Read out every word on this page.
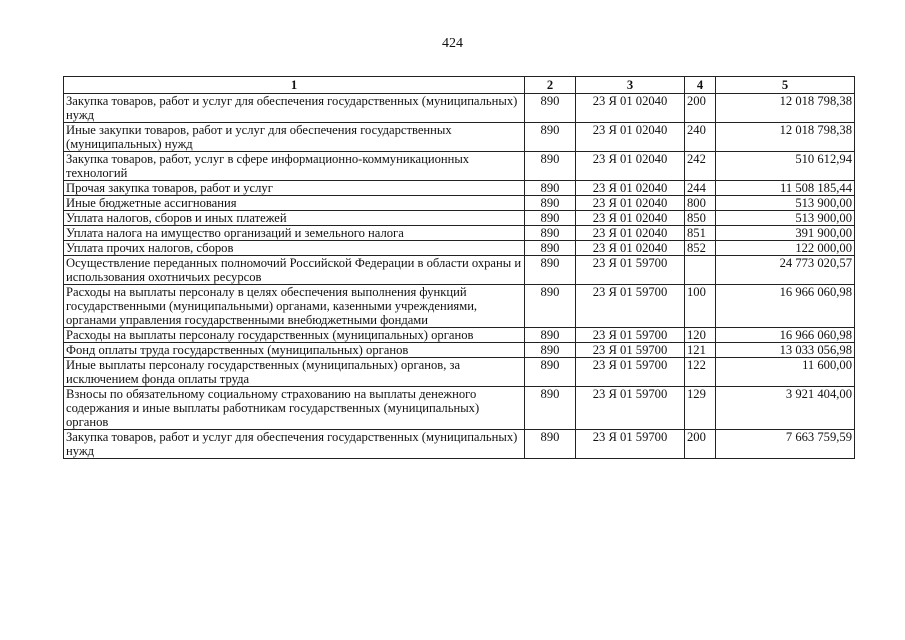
424
1	2	3	4	5
Закупка товаров, работ и услуг для обеспечения государственных (муниципальных) нужд	890	23 Я 01 02040	200	12 018 798,38
Иные закупки товаров, работ и услуг для обеспечения государственных (муниципальных) нужд	890	23 Я 01 02040	240	12 018 798,38
Закупка товаров, работ, услуг в сфере информационно-коммуникационных технологий	890	23 Я 01 02040	242	510 612,94
Прочая закупка товаров, работ и услуг	890	23 Я 01 02040	244	11 508 185,44
Иные бюджетные ассигнования	890	23 Я 01 02040	800	513 900,00
Уплата налогов, сборов и иных платежей	890	23 Я 01 02040	850	513 900,00
Уплата налога на имущество организаций и земельного налога	890	23 Я 01 02040	851	391 900,00
Уплата прочих налогов, сборов	890	23 Я 01 02040	852	122 000,00
Осуществление переданных полномочий Российской Федерации в области охраны и использования охотничьих ресурсов	890	23 Я 01 59700		24 773 020,57
Расходы на выплаты персоналу в целях обеспечения выполнения функций государственными (муниципальными) органами, казенными учреждениями, органами управления государственными внебюджетными фондами	890	23 Я 01 59700	100	16 966 060,98
Расходы на выплаты персоналу государственных (муниципальных) органов	890	23 Я 01 59700	120	16 966 060,98
Фонд оплаты труда государственных (муниципальных) органов	890	23 Я 01 59700	121	13 033 056,98
Иные выплаты персоналу государственных (муниципальных) органов, за исключением фонда оплаты труда	890	23 Я 01 59700	122	11 600,00
Взносы по обязательному социальному страхованию на выплаты денежного содержания и иные выплаты работникам государственных (муниципальных) органов	890	23 Я 01 59700	129	3 921 404,00
Закупка товаров, работ и услуг для обеспечения государственных (муниципальных) нужд	890	23 Я 01 59700	200	7 663 759,59
